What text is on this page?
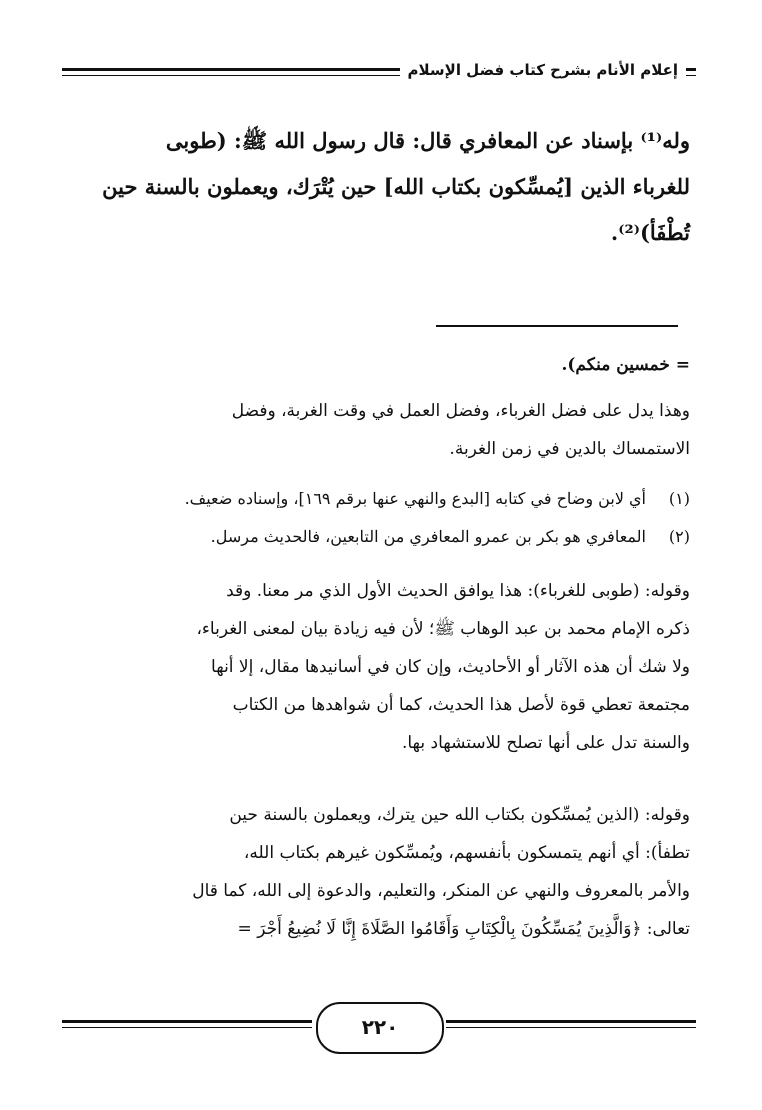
إعلام الأنام بشرح كتاب فضل الإسلام

وله⁽¹⁾ بإسناد عن المعافري قال: قال رسول الله ﷺ: (طوبى

للغرباء الذين [يُمسِّكون بكتاب الله] حين يُتْرَك، ويعملون بالسنة حين

تُطْفَأ)⁽²⁾.

= خمسين منكم).

وهذا يدل على فضل الغرباء، وفضل العمل في وقت الغربة، وفضل

الاستمساك بالدين في زمن الغربة.

(١)
أي لابن وضاح في كتابه [البدع والنهي عنها برقم ١٦٩]، وإسناده ضعيف.
(٢)
المعافري هو بكر بن عمرو المعافري من التابعين، فالحديث مرسل.

وقوله: (طوبى للغرباء): هذا يوافق الحديث الأول الذي مر معنا. وقد

ذكره الإمام محمد بن عبد الوهاب ﷺ؛ لأن فيه زيادة بيان لمعنى الغرباء،

ولا شك أن هذه الآثار أو الأحاديث، وإن كان في أسانيدها مقال، إلا أنها

مجتمعة تعطي قوة لأصل هذا الحديث، كما أن شواهدها من الكتاب

والسنة تدل على أنها تصلح للاستشهاد بها.

وقوله: (الذين يُمسِّكون بكتاب الله حين يترك، ويعملون بالسنة حين

تطفأ): أي أنهم يتمسكون بأنفسهم، ويُمسِّكون غيرهم بكتاب الله،

والأمر بالمعروف والنهي عن المنكر، والتعليم، والدعوة إلى الله، كما قال

تعالى: ﴿وَالَّذِينَ يُمَسِّكُونَ بِالْكِتَابِ وَأَقَامُوا الصَّلَاةَ إِنَّا لَا نُضِيعُ أَجْرَ =

٢٢٠
